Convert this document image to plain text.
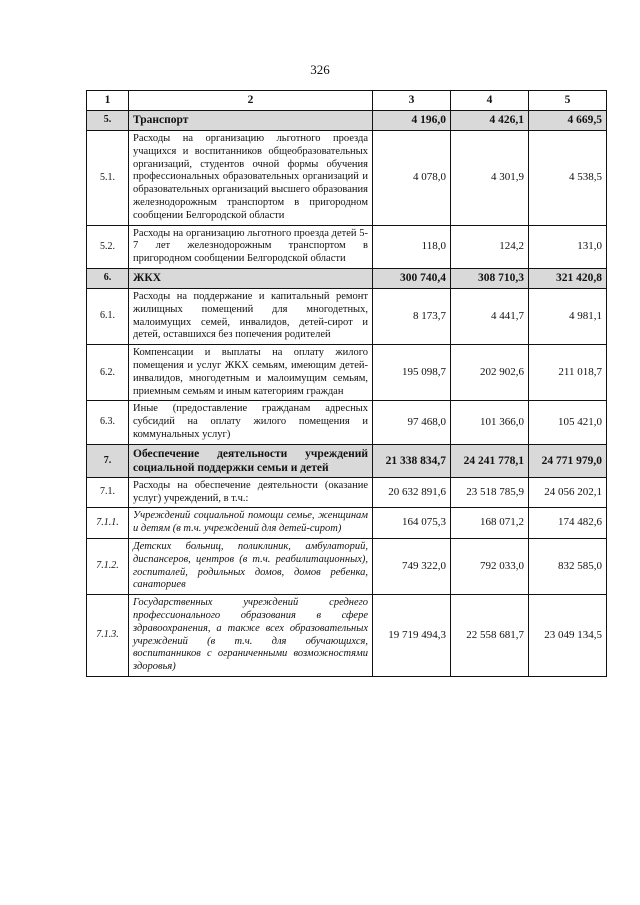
326
1	2	3	4	5
5.	Транспорт	4 196,0	4 426,1	4 669,5
5.1.	Расходы на организацию льготного проезда учащихся и воспитанников общеобразовательных организаций, студентов очной формы обучения профессиональных образовательных организаций и образовательных организаций высшего образования железнодорожным транспортом в пригородном сообщении Белгородской области	4 078,0	4 301,9	4 538,5
5.2.	Расходы на организацию льготного проезда детей 5-7 лет железнодорожным транспортом в пригородном сообщении Белгородской области	118,0	124,2	131,0
6.	ЖКХ	300 740,4	308 710,3	321 420,8
6.1.	Расходы на поддержание и капитальный ремонт жилищных помещений для многодетных, малоимущих семей, инвалидов, детей-сирот и детей, оставшихся без попечения родителей	8 173,7	4 441,7	4 981,1
6.2.	Компенсации и выплаты на оплату жилого помещения и услуг ЖКХ семьям, имеющим детей-инвалидов, многодетным и малоимущим семьям, приемным семьям и иным категориям граждан	195 098,7	202 902,6	211 018,7
6.3.	Иные (предоставление гражданам адресных субсидий на оплату жилого помещения и коммунальных услуг)	97 468,0	101 366,0	105 421,0
7.	Обеспечение деятельности учреждений социальной поддержки семьи и детей	21 338 834,7	24 241 778,1	24 771 979,0
7.1.	Расходы на обеспечение деятельности (оказание услуг) учреждений, в т.ч.:	20 632 891,6	23 518 785,9	24 056 202,1
7.1.1.	Учреждений социальной помощи семье, женщинам и детям (в т.ч. учреждений для детей-сирот)	164 075,3	168 071,2	174 482,6
7.1.2.	Детских больниц, поликлиник, амбулаторий, диспансеров, центров (в т.ч. реабилитационных), госпиталей, родильных домов, домов ребенка, санаториев	749 322,0	792 033,0	832 585,0
7.1.3.	Государственных учреждений среднего профессионального образования в сфере здравоохранения, а также всех образовательных учреждений (в т.ч. для обучающихся, воспитанников с ограниченными возможностями здоровья)	19 719 494,3	22 558 681,7	23 049 134,5
